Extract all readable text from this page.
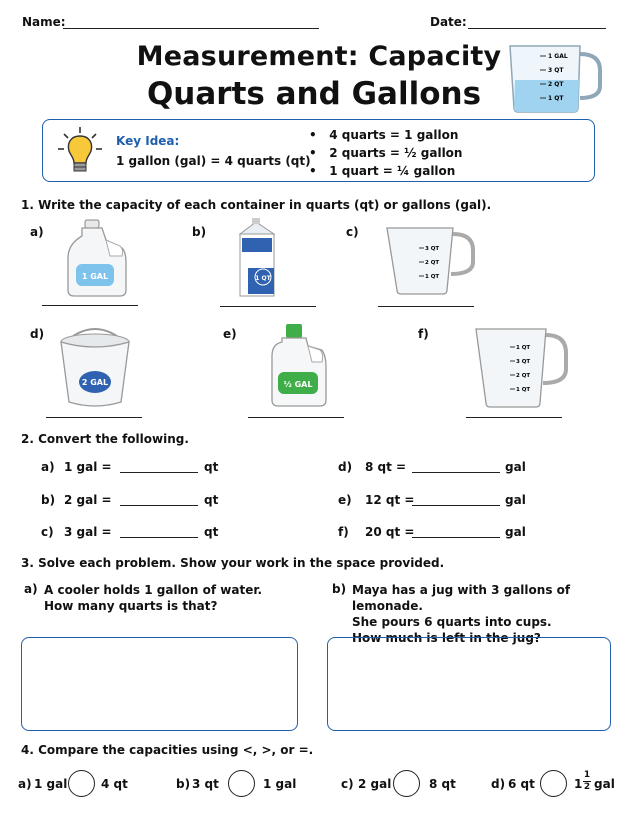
Name:	Date:
Measurement: Capacity
Quarts and Gallons
1 GAL
3 QT
2 QT
1 QT
Key Idea:
1 gallon (gal) = 4 quarts (qt)
•   4 quarts = 1 gallon
•   2 quarts = ½ gallon
•   1 quart = ¼ gallon
1. Write the capacity of each container in quarts (qt) or gallons (gal).
a)
1 GAL
b)
1 QT
c)
3 QT
2 QT
1 QT
d)
2 GAL
e)
½ GAL
f)
1 QT
3 QT
2 QT
1 QT
2. Convert the following.
a) 1 gal =	qt
b) 2 gal =	qt
c) 3 gal =	qt
d) 8 qt =	gal
e) 12 qt =	gal
f) 20 qt =	gal
3. Solve each problem. Show your work in the space provided.
a) A cooler holds 1 gallon of water.
How many quarts is that?
b) Maya has a jug with 3 gallons of lemonade.
She pours 6 quarts into cups.
How much is left in the jug?
4. Compare the capacities using <, >, or =.
a) 1 gal	4 qt	b) 3 qt	1 gal	c) 2 gal	8 qt	d) 6 qt	$1 \frac{1}{2}$ gal
